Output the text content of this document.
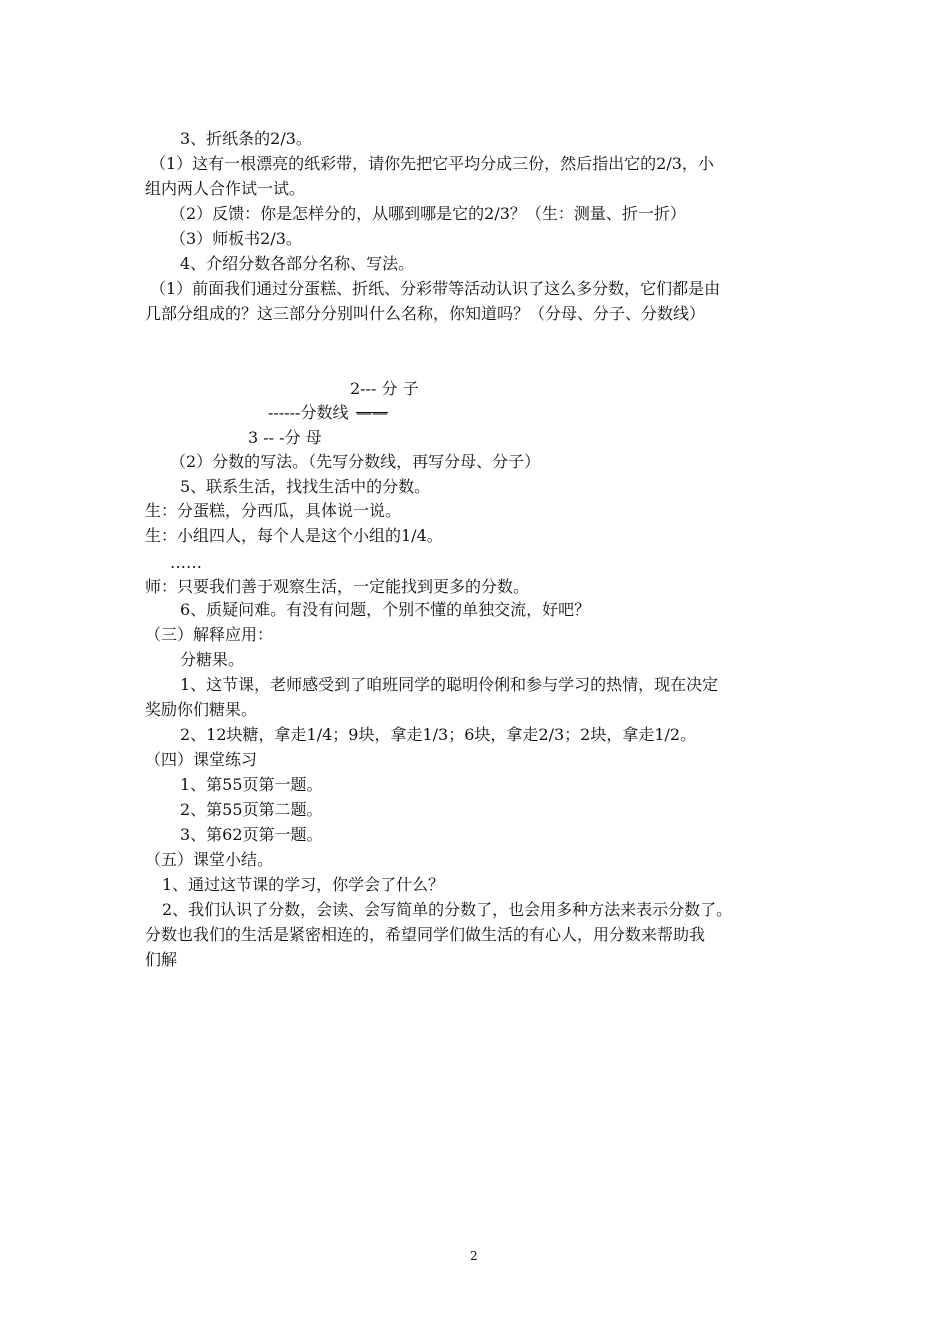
3、折纸条的2/3。
（1）这有一根漂亮的纸彩带，请你先把它平均分成三份，然后指出它的2/3，小
组内两人合作试一试。
（2）反馈：你是怎样分的，从哪到哪是它的2/3？（生：测量、折一折）
（3）师板书2/3。
4、介绍分数各部分名称、写法。
（1）前面我们通过分蛋糕、折纸、分彩带等活动认识了这么多分数，它们都是由
几部分组成的？这三部分分别叫什么名称，你知道吗？（分母、分子、分数线）
2--- 分 子
------分数线 ——
3 -- -分 母
（2）分数的写法。（先写分数线，再写分母、分子）
5、联系生活，找找生活中的分数。
生：分蛋糕，分西瓜，具体说一说。
生：小组四人，每个人是这个小组的1/4。
……
师：只要我们善于观察生活，一定能找到更多的分数。
6、质疑问难。有没有问题，个别不懂的单独交流，好吧？
（三）解释应用：
分糖果。
1、这节课，老师感受到了咱班同学的聪明伶俐和参与学习的热情，现在决定
奖励你们糖果。
2、12块糖，拿走1/4；9块，拿走1/3；6块，拿走2/3；2块，拿走1/2。
（四）课堂练习
1、第55页第一题。
2、第55页第二题。
3、第62页第一题。
（五）课堂小结。
1、通过这节课的学习，你学会了什么？
2、我们认识了分数，会读、会写简单的分数了，也会用多种方法来表示分数了。
分数也我们的生活是紧密相连的，希望同学们做生活的有心人，用分数来帮助我
们解
2
